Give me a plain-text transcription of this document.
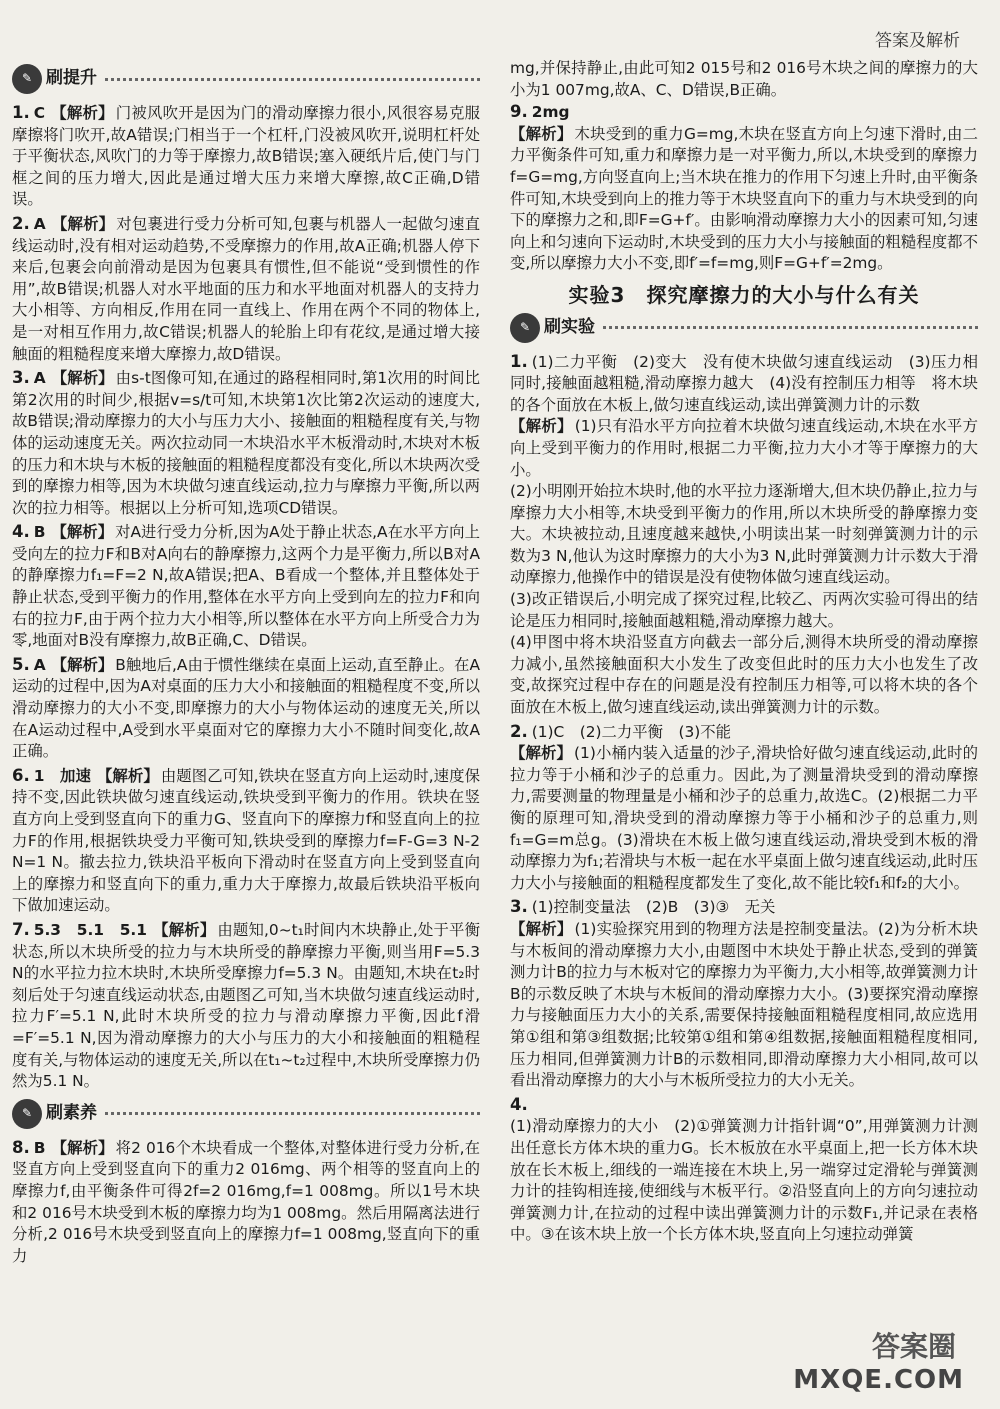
答案及解析
✎ 刷提升
1. C 【解析】 门被风吹开是因为门的滑动摩擦力很小,风很容易克服摩擦将门吹开,故A错误;门相当于一个杠杆,门没被风吹开,说明杠杆处于平衡状态,风吹门的力等于摩擦力,故B错误;塞入硬纸片后,使门与门框之间的压力增大,因此是通过增大压力来增大摩擦,故C正确,D错误。
2. A 【解析】 对包裹进行受力分析可知,包裹与机器人一起做匀速直线运动时,没有相对运动趋势,不受摩擦力的作用,故A正确;机器人停下来后,包裹会向前滑动是因为包裹具有惯性,但不能说“受到惯性的作用”,故B错误;机器人对水平地面的压力和水平地面对机器人的支持力大小相等、方向相反,作用在同一直线上、作用在两个不同的物体上,是一对相互作用力,故C错误;机器人的轮胎上印有花纹,是通过增大接触面的粗糙程度来增大摩擦力,故D错误。
3. A 【解析】 由s-t图像可知,在通过的路程相同时,第1次用的时间比第2次用的时间少,根据v=s/t可知,木块第1次比第2次运动的速度大,故B错误;滑动摩擦力的大小与压力大小、接触面的粗糙程度有关,与物体的运动速度无关。两次拉动同一木块沿水平木板滑动时,木块对木板的压力和木块与木板的接触面的粗糙程度都没有变化,所以木块两次受到的摩擦力相等,因为木块做匀速直线运动,拉力与摩擦力平衡,所以两次的拉力相等。根据以上分析可知,选项CD错误。
4. B 【解析】 对A进行受力分析,因为A处于静止状态,A在水平方向上受向左的拉力F和B对A向右的静摩擦力,这两个力是平衡力,所以B对A的静摩擦力f₁=F=2 N,故A错误;把A、B看成一个整体,并且整体处于静止状态,受到平衡力的作用,整体在水平方向上受到向左的拉力F和向右的拉力F,由于两个拉力大小相等,所以整体在水平方向上所受合力为零,地面对B没有摩擦力,故B正确,C、D错误。
5. A 【解析】 B触地后,A由于惯性继续在桌面上运动,直至静止。在A运动的过程中,因为A对桌面的压力大小和接触面的粗糙程度不变,所以滑动摩擦力的大小不变,即摩擦力的大小与物体运动的速度无关,所以在A运动过程中,A受到水平桌面对它的摩擦力大小不随时间变化,故A正确。
6. 1　加速 【解析】 由题图乙可知,铁块在竖直方向上运动时,速度保持不变,因此铁块做匀速直线运动,铁块受到平衡力的作用。铁块在竖直方向上受到竖直向下的重力G、竖直向下的摩擦力f和竖直向上的拉力F的作用,根据铁块受力平衡可知,铁块受到的摩擦力f=F-G=3 N-2 N=1 N。撤去拉力,铁块沿平板向下滑动时在竖直方向上受到竖直向上的摩擦力和竖直向下的重力,重力大于摩擦力,故最后铁块沿平板向下做加速运动。
7. 5.3　5.1　5.1 【解析】 由题知,0~t₁时间内木块静止,处于平衡状态,所以木块所受的拉力与木块所受的静摩擦力平衡,则当用F=5.3 N的水平拉力拉木块时,木块所受摩擦力f=5.3 N。由题知,木块在t₂时刻后处于匀速直线运动状态,由题图乙可知,当木块做匀速直线运动时,拉力F′=5.1 N,此时木块所受的拉力与滑动摩擦力平衡,因此f滑=F′=5.1 N,因为滑动摩擦力的大小与压力的大小和接触面的粗糙程度有关,与物体运动的速度无关,所以在t₁~t₂过程中,木块所受摩擦力仍然为5.1 N。
✎ 刷素养
8. B 【解析】 将2 016个木块看成一个整体,对整体进行受力分析,在竖直方向上受到竖直向下的重力2 016mg、两个相等的竖直向上的摩擦力f,由平衡条件可得2f=2 016mg,f=1 008mg。所以1号木块和2 016号木块受到木板的摩擦力均为1 008mg。然后用隔离法进行分析,2 016号木块受到竖直向上的摩擦力f=1 008mg,竖直向下的重力

mg,并保持静止,由此可知2 015号和2 016号木块之间的摩擦力的大小为1 007mg,故A、C、D错误,B正确。

9. 2mg
【解析】 木块受到的重力G=mg,木块在竖直方向上匀速下滑时,由二力平衡条件可知,重力和摩擦力是一对平衡力,所以,木块受到的摩擦力f=G=mg,方向竖直向上;当木块在推力的作用下匀速上升时,由平衡条件可知,木块受到向上的推力等于木块竖直向下的重力与木块受到的向下的摩擦力之和,即F=G+f′。由影响滑动摩擦力大小的因素可知,匀速向上和匀速向下运动时,木块受到的压力大小与接触面的粗糙程度都不变,所以摩擦力大小不变,即f′=f=mg,则F=G+f′=2mg。
实验3　探究摩擦力的大小与什么有关
✎ 刷实验
1. (1)二力平衡　(2)变大　没有使木块做匀速直线运动　(3)压力相同时,接触面越粗糙,滑动摩擦力越大　(4)没有控制压力相等　将木块的各个面放在木板上,做匀速直线运动,读出弹簧测力计的示数

【解析】 (1)只有沿水平方向拉着木块做匀速直线运动,木块在水平方向上受到平衡力的作用时,根据二力平衡,拉力大小才等于摩擦力的大小。

(2)小明刚开始拉木块时,他的水平拉力逐渐增大,但木块仍静止,拉力与摩擦力大小相等,木块受到平衡力的作用,所以木块所受的静摩擦力变大。木块被拉动,且速度越来越快,小明读出某一时刻弹簧测力计的示数为3 N,他认为这时摩擦力的大小为3 N,此时弹簧测力计示数大于滑动摩擦力,他操作中的错误是没有使物体做匀速直线运动。

(3)改正错误后,小明完成了探究过程,比较乙、丙两次实验可得出的结论是压力相同时,接触面越粗糙,滑动摩擦力越大。

(4)甲图中将木块沿竖直方向截去一部分后,测得木块所受的滑动摩擦力减小,虽然接触面积大小发生了改变但此时的压力大小也发生了改变,故探究过程中存在的问题是没有控制压力相等,可以将木块的各个面放在木板上,做匀速直线运动,读出弹簧测力计的示数。

2. (1)C　(2)二力平衡　(3)不能

【解析】 (1)小桶内装入适量的沙子,滑块恰好做匀速直线运动,此时的拉力等于小桶和沙子的总重力。因此,为了测量滑块受到的滑动摩擦力,需要测量的物理量是小桶和沙子的总重力,故选C。(2)根据二力平衡的原理可知,滑块受到的滑动摩擦力等于小桶和沙子的总重力,则f₁=G=m总g。(3)滑块在木板上做匀速直线运动,滑块受到木板的滑动摩擦力为f₁;若滑块与木板一起在水平桌面上做匀速直线运动,此时压力大小与接触面的粗糙程度都发生了变化,故不能比较f₁和f₂的大小。

3. (1)控制变量法　(2)B　(3)③　无关

【解析】 (1)实验探究用到的物理方法是控制变量法。(2)为分析木块与木板间的滑动摩擦力大小,由题图中木块处于静止状态,受到的弹簧测力计B的拉力与木板对它的摩擦力为平衡力,大小相等,故弹簧测力计B的示数反映了木块与木板间的滑动摩擦力大小。(3)要探究滑动摩擦力与接触面压力大小的关系,需要保持接触面粗糙程度相同,故应选用第①组和第③组数据;比较第①组和第④组数据,接触面粗糙程度相同,压力相同,但弹簧测力计B的示数相同,即滑动摩擦力大小相同,故可以看出滑动摩擦力的大小与木板所受拉力的大小无关。

4.

(1)滑动摩擦力的大小　(2)①弹簧测力计指针调“0”,用弹簧测力计测出任意长方体木块的重力G。长木板放在水平桌面上,把一长方体木块放在长木板上,细线的一端连接在木块上,另一端穿过定滑轮与弹簧测力计的挂钩相连接,使细线与木板平行。②沿竖直向上的方向匀速拉动弹簧测力计,在拉动的过程中读出弹簧测力计的示数F₁,并记录在表格中。③在该木块上放一个长方体木块,竖直向上匀速拉动弹簧

答案圈
MXQE.COM
